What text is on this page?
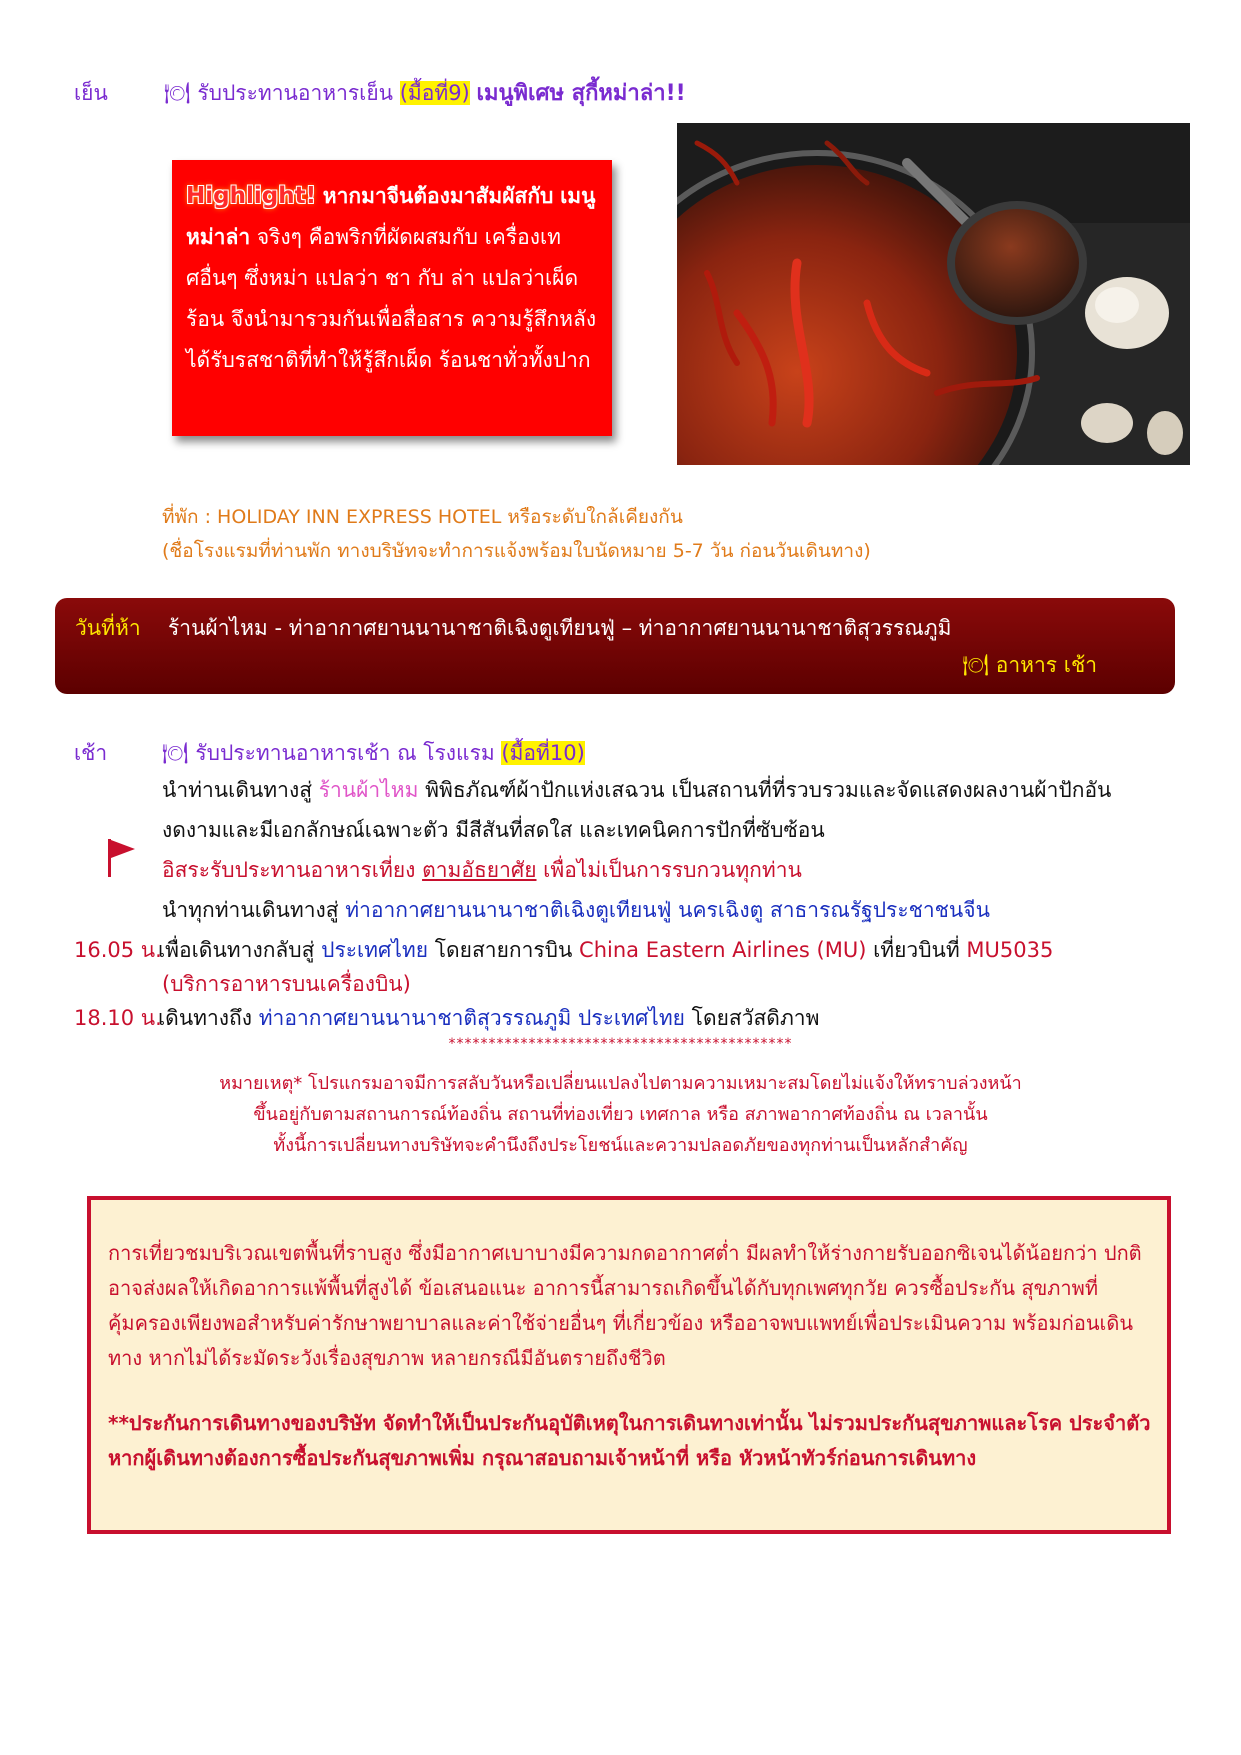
เย็น	🍽 รับประทานอาหารเย็น (มื้อที่9) เมนูพิเศษ สุกี้หม่าล่า!!
Highlight! หากมาจีนต้องมาสัมผัสกับ เมนูหม่าล่า จริงๆ คือพริกที่ผัดผสมกับ เครื่องเทศอื่นๆ ซึ่งหม่า แปลว่า ชา กับ ล่า แปลว่าเผ็ดร้อน จึงนำมารวมกันเพื่อสื่อสาร ความรู้สึกหลังได้รับรสชาติที่ทำให้รู้สึกเผ็ด ร้อนชาทั่วทั้งปาก
ที่พัก : HOLIDAY INN EXPRESS HOTEL หรือระดับใกล้เคียงกัน
(ชื่อโรงแรมที่ท่านพัก ทางบริษัทจะทำการแจ้งพร้อมใบนัดหมาย 5-7 วัน ก่อนวันเดินทาง)
วันที่ห้า ร้านผ้าไหม - ท่าอากาศยานนานาชาติเฉิงตูเทียนฟู่ – ท่าอากาศยานนานาชาติสุวรรณภูมิ
🍽 อาหาร เช้า
เช้า	🍽 รับประทานอาหารเช้า ณ โรงแรม (มื้อที่10)
นำท่านเดินทางสู่ ร้านผ้าไหม พิพิธภัณฑ์ผ้าปักแห่งเสฉวน เป็นสถานที่ที่รวบรวมและจัดแสดงผลงานผ้าปักอัน
งดงามและมีเอกลักษณ์เฉพาะตัว มีสีสันที่สดใส และเทคนิคการปักที่ซับซ้อน
อิสระรับประทานอาหารเที่ยง ตามอัธยาศัย เพื่อไม่เป็นการรบกวนทุกท่าน
นำทุกท่านเดินทางสู่ ท่าอากาศยานนานาชาติเฉิงตูเทียนฟู่ นครเฉิงตู สาธารณรัฐประชาชนจีน
16.05 น.เพื่อเดินทางกลับสู่ ประเทศไทย โดยสายการบิน China Eastern Airlines (MU) เที่ยวบินที่ MU5035
(บริการอาหารบนเครื่องบิน)
18.10 น.เดินทางถึง ท่าอากาศยานนานาชาติสุวรรณภูมิ ประเทศไทย โดยสวัสดิภาพ
*******************************************
หมายเหตุ* โปรแกรมอาจมีการสลับวันหรือเปลี่ยนแปลงไปตามความเหมาะสมโดยไม่แจ้งให้ทราบล่วงหน้า
ขึ้นอยู่กับตามสถานการณ์ท้องถิ่น สถานที่ท่องเที่ยว เทศกาล หรือ สภาพอากาศท้องถิ่น ณ เวลานั้น
ทั้งนี้การเปลี่ยนทางบริษัทจะคำนึงถึงประโยชน์และความปลอดภัยของทุกท่านเป็นหลักสำคัญ
การเที่ยวชมบริเวณเขตพื้นที่ราบสูง ซึ่งมีอากาศเบาบางมีความกดอากาศต่ำ มีผลทำให้ร่างกายรับออกซิเจนได้น้อยกว่า ปกติ อาจส่งผลให้เกิดอาการแพ้พื้นที่สูงได้ ข้อเสนอแนะ อาการนี้สามารถเกิดขึ้นได้กับทุกเพศทุกวัย ควรซื้อประกัน สุขภาพที่คุ้มครองเพียงพอสำหรับค่ารักษาพยาบาลและค่าใช้จ่ายอื่นๆ ที่เกี่ยวข้อง หรืออาจพบแพทย์เพื่อประเมินความ พร้อมก่อนเดินทาง หากไม่ได้ระมัดระวังเรื่องสุขภาพ หลายกรณีมีอันตรายถึงชีวิต
**ประกันการเดินทางของบริษัท จัดทำให้เป็นประกันอุบัติเหตุในการเดินทางเท่านั้น ไม่รวมประกันสุขภาพและโรค ประจำตัว หากผู้เดินทางต้องการซื้อประกันสุขภาพเพิ่ม กรุณาสอบถามเจ้าหน้าที่ หรือ หัวหน้าทัวร์ก่อนการเดินทาง
